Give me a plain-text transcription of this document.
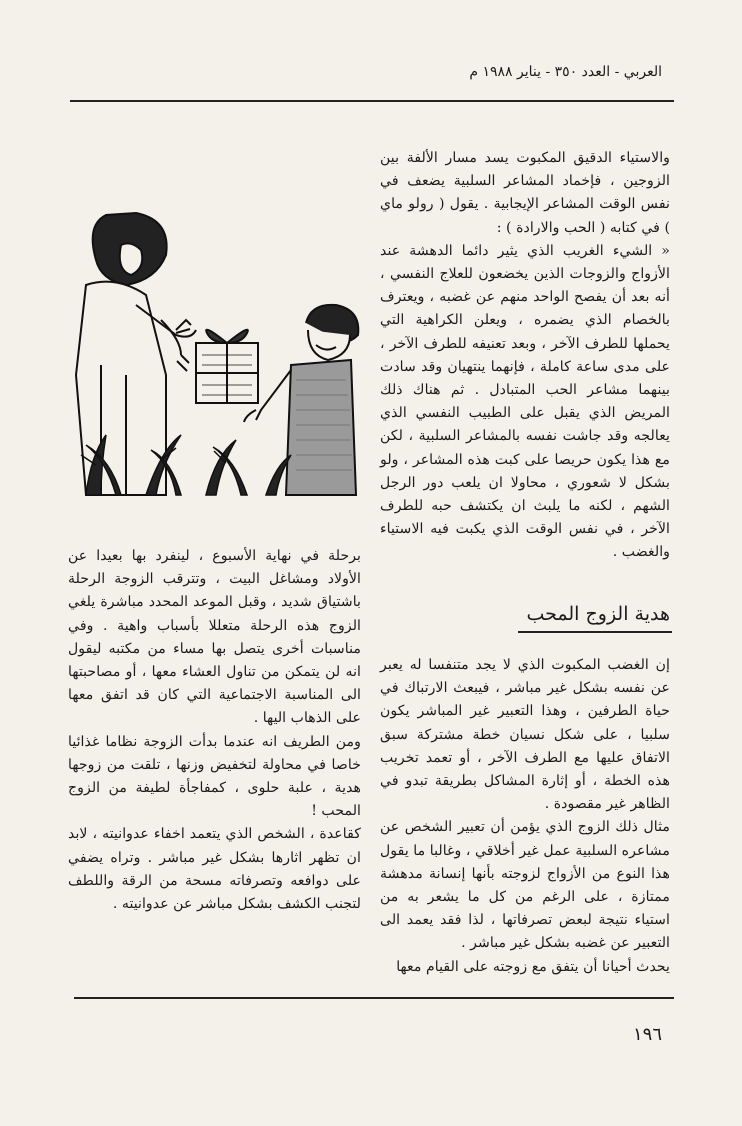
العربي - العدد ٣٥٠ - يناير ١٩٨٨ م

والاستياء الدقيق المكبوت يسد مسار الألفة بين الزوجين ، فإخماد المشاعر السلبية يضعف في نفس الوقت المشاعر الإيجابية . يقول ( رولو ماي ) في كتابه ( الحب والارادة ) :

« الشيء الغريب الذي يثير دائما الدهشة عند الأزواج والزوجات الذين يخضعون للعلاج النفسي ، أنه بعد أن يفصح الواحد منهم عن غضبه ، ويعترف بالخصام الذي يضمره ، ويعلن الكراهية التي يحملها للطرف الآخر ، وبعد تعنيفه للطرف الآخر ، على مدى ساعة كاملة ، فإنهما ينتهيان وقد سادت بينهما مشاعر الحب المتبادل . ثم هناك ذلك المريض الذي يقبل على الطبيب النفسي الذي يعالجه وقد جاشت نفسه بالمشاعر السلبية ، لكن مع هذا يكون حريصا على كبت هذه المشاعر ، ولو بشكل لا شعوري ، محاولا ان يلعب دور الرجل الشهم ، لكنه ما يلبث ان يكتشف حبه للطرف الآخر ، في نفس الوقت الذي يكبت فيه الاستياء والغضب .

هدية الزوج المحب

إن الغضب المكبوت الذي لا يجد متنفسا له يعبر عن نفسه بشكل غير مباشر ، فيبعث الارتباك في حياة الطرفين ، وهذا التعبير غير المباشر يكون سلبيا ، على شكل نسيان خطة مشتركة سبق الاتفاق عليها مع الطرف الآخر ، أو تعمد تخريب هذه الخطة ، أو إثارة المشاكل بطريقة تبدو في الظاهر غير مقصودة .

مثال ذلك الزوج الذي يؤمن أن تعبير الشخص عن مشاعره السلبية عمل غير أخلاقي ، وغالبا ما يقول هذا النوع من الأزواج لزوجته بأنها إنسانة مدهشة ممتازة ، على الرغم من كل ما يشعر به من استياء نتيجة لبعض تصرفاتها ، لذا فقد يعمد الى التعبير عن غضبه بشكل غير مباشر .

يحدث أحيانا أن يتفق مع زوجته على القيام معها

برحلة في نهاية الأسبوع ، لينفرد بها بعيدا عن الأولاد ومشاغل البيت ، وتترقب الزوجة الرحلة باشتياق شديد ، وقبل الموعد المحدد مباشرة يلغي الزوج هذه الرحلة متعللا بأسباب واهية . وفي مناسبات أخرى يتصل بها مساء من مكتبه ليقول انه لن يتمكن من تناول العشاء معها ، أو مصاحبتها الى المناسبة الاجتماعية التي كان قد اتفق معها على الذهاب اليها .

ومن الطريف انه عندما بدأت الزوجة نظاما غذائيا خاصا في محاولة لتخفيض وزنها ، تلقت من زوجها هدية ، علبة حلوى ، كمفاجأة لطيفة من الزوج المحب !

كقاعدة ، الشخص الذي يتعمد اخفاء عدوانيته ، لابد ان تظهر اثارها بشكل غير مباشر . وتراه يضفي على دوافعه وتصرفاته مسحة من الرقة واللطف لتجنب الكشف بشكل مباشر عن عدوانيته .

١٩٦
